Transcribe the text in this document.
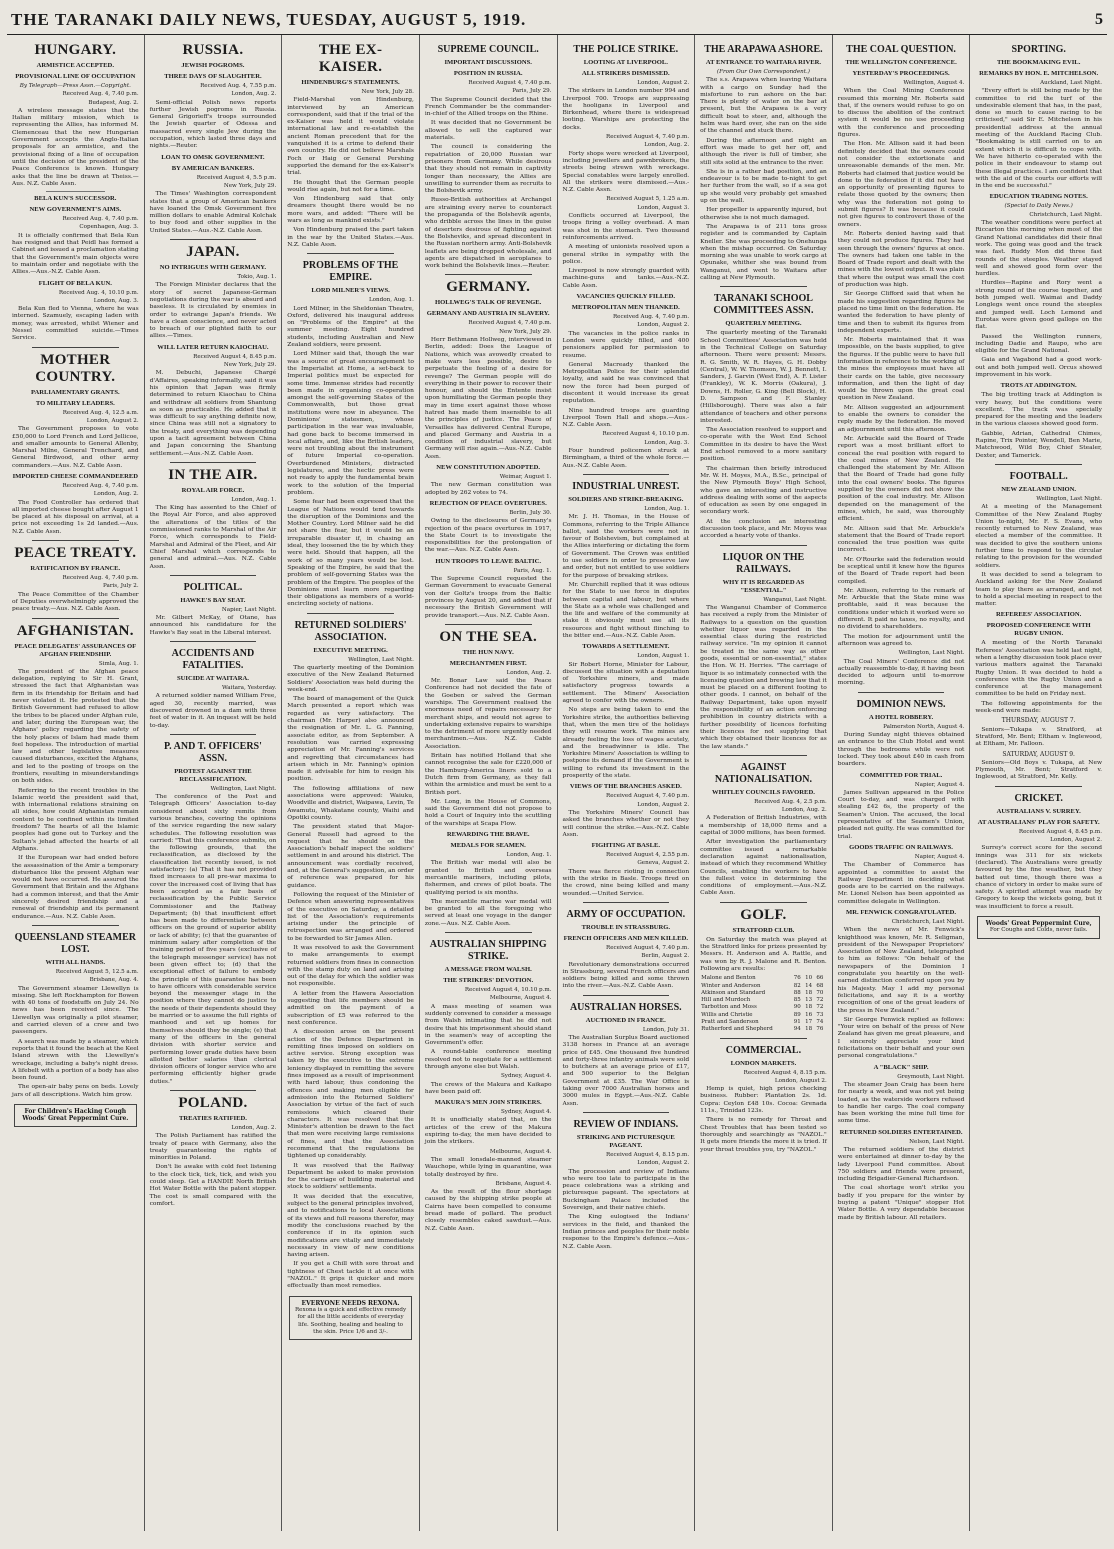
THE TARANAKI DAILY NEWS, TUESDAY, AUGUST 5, 1919.	5
HUNGARY.
ARMISTICE ACCEPTED.
PROVISIONAL LINE OF OCCUPATION
By Telegraph—Press Assn.—Copyright.
Received Aug. 4, 7.40 p.m.
Budapest, Aug. 2.

A wireless message states that the Italian military mission, which is representing the Allies, has informed M. Clemenceau that the new Hungarian Government accepts the Anglo-Italian proposals for an armistice, and the provisional fixing of a line of occupation until the decision of the president of the Peace Conference is known. Hungary asks that the line be drawn at Theiss.—Aus. N.Z. Cable Assn.

BELA KUN'S SUCCESSOR.
NEW GOVERNMENT'S AIMS.
Received Aug. 4, 7.40 p.m.
Copenhagen, Aug. 3.

It is officially confirmed that Bela Kun has resigned and that Peidl has formed a Cabinet and issued a proclamation stating that the Government's main objects were to maintain order and negotiate with the Allies.—Aus.-N.Z. Cable Assn.

FLIGHT OF BELA KUN.
Received Aug. 4, 10.10 p.m.
London, Aug. 3.

Bela Kun fled to Vienna, where he was interned. Szamuely, escaping laden with money, was arrested, whilst Wiener and Nessel committed suicide.—Times Service.

MOTHER COUNTRY.
PARLIAMENTARY GRANTS.
TO MILITARY LEADERS.
Received Aug. 4, 12.5 a.m.
London, August 2.

The Government proposes to vote £50,000 to Lord French and Lord Jellicoe, and smaller amounts to General Allenby, Marshal Milne, General Trenchard, and General Birdwood, and other army commanders.—Aus. N.Z. Cable Assn.

IMPORTED CHEESE COMMANDEERED
Received Aug. 4, 7.40 p.m.
London, Aug. 2.

The Food Controller has ordered that all imported cheese bought after August 1 be placed at his disposal on arrival, at a price not exceeding 1s 2d landed.—Aus. N.Z. Cable Assn.

PEACE TREATY.
RATIFICATION BY FRANCE.
Received Aug. 4, 7.40 p.m.
Paris, July 2.

The Peace Committee of the Chamber of Deputies overwhelmingly approved the peace treaty.—Aus. N.Z. Cable Assn.

AFGHANISTAN.
PEACE DELEGATES' ASSURANCES OF AFGHAN FRIENDSHIP.
Simla, Aug. 1.

The president of the Afghan peace delegation, replying to Sir H. Grant, stressed the fact that Afghanistan was firm in its friendship for Britain and had never violated it. He protested that the British Government had refused to allow the tribes to be placed under Afghan rule, and later, during the European war, the Afghans' policy regarding the safety of the holy places of Islam had made them feel hopeless. The introduction of martial law and other legislative measures caused disturbances, excited the Afghans, and led to the posting of troops on the frontiers, resulting in misunderstandings on both sides.

Referring to the recent troubles in the Islamic world the president said that, with international relations straining on all sides, how could Afghanistan remain content to be confined within its limited freedom? The hearts of all the Islamic peoples had gone out to Turkey and the Sultan's jehad affected the hearts of all Afghans.

If the European war had ended before the assassination of the Amir a temporary disturbance like the present Afghan war would not have occurred. He assured the Government that Britain and the Afghans had a common interest, and that the Amir sincerely desired friendship and a renewal of friendship and its permanent endurance.—Aus. N.Z. Cable Assn.

QUEENSLAND STEAMER LOST.
WITH ALL HANDS.
Received August 5, 12.5 a.m.
Brisbane, Aug. 4.

The Government steamer Llewellyn is missing. She left Rockhampton for Bowen with 40 tons of foodstuffs on July 24. No news has been received since. The Llewellyn was originally a pilot steamer, and carried eleven of a crew and two passengers.

A search was made by a steamer, which reports that it found the beach at the Keel Island strewn with the Llewellyn's wreckage, including a baby's night dress. A lifebelt with a portion of a body has also been found.

The open-air baby pens on beds. Lovely jars of all descriptions. Watch him grow.

For Children's Hacking Cough
Woods' Great Peppermint Cure.
RUSSIA.
JEWISH POGROMS.
THREE DAYS OF SLAUGHTER.
Received Aug. 4, 7.55 p.m.
London, Aug. 2.

Semi-official Polish news reports further Jewish pogroms in Russia. General Grigorieff's troops surrounded the Jewish quarter of Odessa and massacred every single Jew during the occupation, which lasted three days and nights.—Reuter.

LOAN TO OMSK GOVERNMENT.
BY AMERICAN BANKERS.
Received August 4, 5.5 p.m.
New York, July 29.

The Times' Washington correspondent states that a group of American bankers have loaned the Omsk Government five million dollars to enable Admiral Kolchak to buy food and other supplies in the United States.—Aus.-N.Z. Cable Assn.

JAPAN.
NO INTRIGUES WITH GERMANY.
Tokio, Aug. 1.

The Foreign Minister declares that the story of secret Japanese-German negotiations during the war is absurd and baseless. It is circulated by enemies in order to estrange Japan's friends. We have a clean conscience, and never acted to breach of our plighted faith to our allies.—Times.

WILL LATER RETURN KAIOCHAU.
Received August 4, 8.45 p.m.
New York, July 29.

M. Debuchi, Japanese Chargé d'Affaires, speaking informally, said it was his opinion that Japan was firmly determined to return Kiaochau to China and withdraw all soldiers from Shantung as soon as practicable. He added that it was difficult to say anything definite now, since China was still not a signatory to the treaty, and everything was depending upon a tacit agreement between China and Japan concerning the Shantung settlement.—Aus.-N.Z. Cable Assn.

IN THE AIR.
ROYAL AIR FORCE.
London, Aug. 1.

The King has assented to the Chief of the Royal Air Force, and also approved the alterations of the titles of the commissioned ranks to Marshal of the Air Force, which corresponds to Field-Marshal and Admiral of the Fleet, and Air Chief Marshal which corresponds to general and admiral.—Aus. N.Z. Cable Assn.

POLITICAL.
HAWKE'S BAY SEAT.
Napier, Last Night.

Mr. Gilbert McKay, of Otane, has announced his candidature for the Hawke's Bay seat in the Liberal interest.

ACCIDENTS AND FATALITIES.
SUICIDE AT WAITARA.
Waitara, Yesterday.

A returned soldier named William Free, aged 30, recently married, was discovered drowned in a dam with three feet of water in it. An inquest will be held to-day.

P. AND T. OFFICERS' ASSN.
PROTEST AGAINST THE RECLASSIFICATION.
Wellington, Last Night.

The conference of the Post and Telegraph Officers' Association to-day considered about sixty remits from various branches, covering the opinions of the service regarding the new salary schedules. The following resolution was carried: "That this conference submits, on the following grounds, that the reclassification, as disclosed by the classification list recently issued, is not satisfactory: (a) That it has not provided fixed increases to all pre-war maxima to cover the increased cost of living that has been accepted as a fair basis of reclassification by the Public Service Commissioner and the Railway Department; (b) that insufficient effort has been made to differentiate between officers on the ground of superior ability or lack of ability; (c) that the guarantee of minimum salary after completion of the training period of five years (exclusive of the telegraph messenger service) has not been given effect to; (d) that the exceptional effect of failure to embody the principle of this guarantee has been to have officers with considerable service beyond the messenger stage in the position where they cannot do justice to the needs of their dependents should they be married or to assume the full rights of manhood and set up homes for themselves should they be single; (e) that many of the officers in the general division with shorter service and performing lower grade duties have been allotted better salaries than clerical division officers of longer service who are performing efficiently higher grade duties."

POLAND.
TREATIES RATIFIED.
London, Aug. 2.

The Polish Parliament has ratified the treaty of peace with Germany, also the treaty guaranteeing the rights of minorities in Poland.

Don't lie awake with cold feet listening to the clock tick, tick, tick, and wish you could sleep. Get a HANDIE North British Hot Water Bottle with the patent stopper. The cost is small compared with the comfort.

THE EX-KAISER.
HINDENBURG'S STATEMENTS.
New York, July 28.

Field-Marshal von Hindenburg, interviewed by an American correspondent, said that if the trial of the ex-Kaiser was held it would violate international law and re-establish the ancient Roman precedent that for the vanquished it is a crime to defend their own country. He did not believe Marshals Foch or Haig or General Pershing supported the demand for the ex-Kaiser's trial.

He thought that the German people would rise again, but not for a time.

Von Hindenburg said that only dreamers thought there would be no more wars, and added: "There will be wars as long as mankind exists."

Von Hindenburg praised the part taken in the war by the United States.—Aus. N.Z. Cable Assn.

PROBLEMS OF THE EMPIRE.
LORD MILNER'S VIEWS.
London, Aug. 1.

Lord Milner, in the Sheldonian Theatre, Oxford, delivered his inaugural address on "Problems of the Empire" at the summer meeting. Eight hundred students, including Australian and New Zealand soldiers, were present.

Lord Milner said that, though the war was a source of great encouragement to the Imperialist at Home, a set-back to Imperial politics must be expected for some time. Immense strides had recently been made in organising co-operation amongst the self-governing States of the Commonwealth, but those great institutions were now in abeyance. The Dominions' statesmen, whose participation in the war was invaluable, had gone back to become immersed in local affairs, and, like the British leaders, were not troubling about the instrument of future Imperial co-operation. Overburdened Ministers, distracted legislatures, and the hectic press were not ready to apply the fundamental brain work to the solution of the Imperial problem.

Some fear had been expressed that the League of Nations would tend towards the disruption of the Dominions and the Mother Country. Lord Milner said he did not share the fear, but it would be an irreparable disaster if, in chasing an ideal, they loosened the tie by which they were held. Should that happen, all the work of so many years would be lost. Speaking of the Empire, he said that the problem of self-governing States was the problem of the Empire. The peoples of the Dominions must learn more regarding their obligations as members of a world-encircling society of nations.

RETURNED SOLDIERS' ASSOCIATION.
EXECUTIVE MEETING.
Wellington, Last Night.

The quarterly meeting of the Dominion executive of the New Zealand Returned Soldiers' Association was held during the week-end.

The board of management of the Quick March presented a report which was regarded as very satisfactory. The chairman (Mr. Harper) also announced the resignation of Mr. L. G. Fanning, associate editor, as from September. A resolution was carried expressing appreciation of Mr. Fanning's services and regretting that circumstances had arisen which in Mr. Fanning's opinion made it advisable for him to resign his position.

The following affiliations of new associations were approved: Waiuku, Woodville and district, Waipawa, Levin, Te Awamutu, Whakatane county, Waihi and Opotiki county.

The president stated that Major-General Russell had agreed to the request that he should on the Association's behalf inspect the soldiers' settlement in and around his district. The announcement was cordially received, and, at the General's suggestion, an order of reference was prepared for his guidance.

Following the request of the Minister of Defence when answering representatives of the executive on Saturday, a detailed list of the Association's requirements arising under the principle of retrospection was arranged and ordered to be forwarded to Sir James Allen.

It was resolved to ask the Government to make arrangements to exempt returned soldiers from fines in connection with the stamp duty on land and arising out of the delay for which the soldier was not responsible.

A letter from the Hawera Association suggesting that life members should be admitted on the payment of a subscription of £5 was referred to the next conference.

A discussion arose on the present action of the Defence Department in remitting fines imposed on soldiers on active service. Strong exception was taken by the executive to the extreme leniency displayed in remitting the severe fines imposed as a result of imprisonment with hard labour, thus condoning the offences and making men eligible for admission into the Returned Soldiers' Association by virtue of the fact of such remissions which cleared their characters. It was resolved that the Minister's attention be drawn to the fact that men were receiving large remissions of fines, and that the Association recommend that the regulations be tightened up considerably.

It was resolved that the Railway Department be asked to make provision for the carriage of building material and stock to soldiers' settlements.

It was decided that the executive, subject to the general principles involved, and to notifications to local Associations of its views and full reasons therefor, may modify the conclusions reached by the conference if in its opinion such modifications are vitally and immediately necessary in view of new conditions having arisen.

If you get a Chill with sore throat and tightness of Chest tackle it at once with "NAZOL." It grips it quicker and more effectually than most remedies.

EVERYONE NEEDS REXONA.
Rexona is a quick and effective remedy for all the little accidents of everyday life. Soothing, healing and healing to the skin. Price 1/6 and 3/-.
SUPREME COUNCIL.
IMPORTANT DISCUSSIONS.
POSITION IN RUSSIA.
Received August 4, 7.40 p.m.
Paris, July 29.

The Supreme Council decided that the French Commander be the commander-in-chief of the Allied troops on the Rhine.

It was decided that no Government be allowed to sell the captured war materials.

The council is considering the repatriation of 20,000 Russian war prisoners from Germany. While desirous that they should not remain in captivity longer than necessary, the Allies are unwilling to surrender them as recruits to the Bolshevik army.

Russo-British authorities at Archangel are straining every nerve to counteract the propaganda of the Bolshevik agents, who dribble across the lines in the guise of deserters desirous of fighting against the Bolsheviks, and spread discontent in the Russian northern army. Anti-Bolshevik leaflets are being dropped wholesale, and agents are dispatched in aeroplanes to work behind the Bolshevik lines.—Reuter.

GERMANY.
HOLLWEG'S TALK OF REVENGE.
GERMANY AND AUSTRIA IN SLAVERY.
Received August 4, 7.40 p.m.
New York, July 29.

Herr Bethmann Hollweg, interviewed in Berlin, added: Does the League of Nations, which was avowedly created to make wars less possible, desire to perpetuate the feeling of a desire for revenge? The German people will do everything in their power to recover their honour, and should the Entente insist upon humiliating the German people they may in time exert against those whose hatred has made them insensible to all the principles of justice. The Peace of Versailles has delivered Central Europe, and placed Germany and Austria in a condition of industrial slavery, but Germany will rise again.—Aus.-N.Z. Cable Assn.

NEW CONSTITUTION ADOPTED.
Weimar, August 1.

The new German constitution was adopted by 262 votes to 74.

REJECTION OF PEACE OVERTURES.
Berlin, July 30.

Owing to the disclosures of Germany's rejection of the peace overtures in 1917, the State Court is to investigate the responsibilities for the prolongation of the war.—Aus. N.Z. Cable Assn.

HUN TROOPS TO LEAVE BALTIC.
Paris, Aug. 1.

The Supreme Council requested the German Government to evacuate General von der Goltz's troops from the Baltic provinces by August 20, and added that if necessary the British Government will provide transport.—Aus. N.Z. Cable Assn.

ON THE SEA.
THE HUN NAVY.
MERCHANTMEN FIRST.
London, Aug. 2.

Mr. Bonar Law said the Peace Conference had not decided the fate of the Goeben or salved the German warships. The Government realised the enormous need of repairs necessary for merchant ships, and would not agree to undertaking extensive repairs to warships to the detriment of more urgently needed merchantmen.—Aus. N.Z. Cable Association.

Britain has notified Holland that she cannot recognise the sale for £220,000 of the Hamburg-America liners sold to a Dutch firm from Germany, as they fall within the armistice and must be sent to a British port.

Mr. Long, in the House of Commons, said the Government did not propose to hold a Court of Inquiry into the scuttling of the warships at Scapa Flow.

REWARDING THE BRAVE.
MEDALS FOR SEAMEN.
London, Aug. 1.

The British war medal will also be granted to British and overseas mercantile mariners, including pilots, fishermen, and crews of pilot boats. The qualifying period is six months.

The mercantile marine war medal will be granted to all the foregoing who served at least one voyage in the danger zone.—Aus. N.Z. Cable Assn.

AUSTRALIAN SHIPPING STRIKE.
A MESSAGE FROM WALSH.
THE STRIKERS' DEVOTION.
Received August 4, 10.10 p.m.
Melbourne, August 4.

A mass meeting of seamen was suddenly convened to consider a message from Walsh intimating that he did not desire that his imprisonment should stand in the seamen's way of accepting the Government's offer.

A round-table conference meeting resolved not to negotiate for a settlement through anyone else but Walsh.

Sydney, August 4.

The crews of the Makura and Kaikapo have been paid off.

MAKURA'S MEN JOIN STRIKERS.
Sydney, August 4.

It is unofficially stated that, on the articles of the crew of the Makura expiring to-day, the men have decided to join the strikers.

Melbourne, August 4.

The small lonsdale-manned steamer Wauchope, while lying in quarantine, was totally destroyed by fire.

Brisbane, August 4.

As the result of the flour shortage caused by the shipping strike people at Cairns have been compelled to consume bread made of pollard. The product closely resembles caked sawdust.—Aus. N.Z. Cable Assn.

THE POLICE STRIKE.
LOOTING AT LIVERPOOL.
ALL STRIKERS DISMISSED.
London, August 2.

The strikers in London number 994 and Liverpool 700. Troops are suppressing the hooligans in Liverpool and Birkenhead, where there is widespread looting. Warships are protecting the docks.

Received August 4, 7.40 p.m.
London, Aug. 2.

Forty shops were wrecked at Liverpool, including jewellers and pawnbrokers, the streets being strewn with wreckage. Special constables were largely enrolled. All the strikers were dismissed.—Aus.-N.Z. Cable Assn.

Received August 5, 1.25 a.m.
London, August 3.

Conflicts occurred at Liverpool, the troops firing a volley overhead. A man was shot in the stomach. Two thousand reinforcements arrived.

A meeting of unionists resolved upon a general strike in sympathy with the police.

Liverpool is now strongly guarded with machine-guns and tanks.—Aus.-N.Z. Cable Assn.

VACANCIES QUICKLY FILLED.
METROPOLITAN MEN THANKED.
Received Aug. 4, 7.40 p.m.
London, August 2.

The vacancies in the police ranks in London were quickly filled, and 400 pensioners applied for permission to resume.

General Macready thanked the Metropolitan Police for their splendid loyalty, and said he was convinced that now the force had been purged of discontent it would increase its great reputation.

Nine hundred troops are guarding Liverpool Town Hall and shops.—Aus.-N.Z. Cable Assn.

Received August 4, 10.10 p.m.
London, Aug. 3.

Four hundred policemen struck at Birmingham, a third of the whole force.—Aus.-N.Z. Cable Assn.

INDUSTRIAL UNREST.
SOLDIERS AND STRIKE-BREAKING.
London, Aug. 1.

Mr. J. H. Thomas, in the House of Commons, referring to the Triple Alliance ballot, said the workers were not in favour of Bolshevism, but complained at the Allies interfering or dictating the form of Government. The Crown was entitled to use soldiers in order to preserve law and order, but not entitled to use soldiers for the purpose of breaking strikes.

Mr. Churchill replied that it was odious for the State to use force in disputes between capital and labour, but where the State as a whole was challenged and the life and welfare of the community at stake it obviously must use all its resources and fight without flinching to the bitter end.—Aus.-N.Z. Cable Assn.

TOWARDS A SETTLEMENT.
London, August 1.

Sir Robert Horne, Minister for Labour, discussed the situation with a deputation of Yorkshire miners, and made satisfactory progress towards a settlement. The Miners' Association agreed to confer with the owners.

No steps are being taken to end the Yorkshire strike, the authorities believing that, when the men tire of the holidays they will resume work. The mines are already feeling the loss of wages acutely, and the breadwinner is idle. The Yorkshire Miners' Association is willing to postpone its demand if the Government is willing to refund its investment in the prosperity of the state.

VIEWS OF THE BRANCHES ASKED.
Received August 4, 7.40 p.m.
London, August 2.

The Yorkshire Miners' Council has asked the branches whether or not they will continue the strike.—Aus.-N.Z. Cable Assn.

FIGHTING AT BASLE.
Received August 4, 2.55 p.m.
Geneva, August 2.

There was fierce rioting in connection with the strike in Basle. Troops fired on the crowd, nine being killed and many wounded.—United Service.

ARMY OF OCCUPATION.
TROUBLE IN STRASSBURG.
FRENCH OFFICERS AND MEN KILLED.
Received August 4, 7.40 p.m.
Berlin, August 2.

Revolutionary demonstrations occurred in Strassburg, several French officers and soldiers being killed and some thrown into the river.—Aus.-N.Z. Cable Assn.

AUSTRALIAN HORSES.
AUCTIONED IN FRANCE.
London, July 31.

The Australian Surplus Board auctioned 3138 horses in France at an average price of £45. One thousand five hundred and forty-three infantry animals were sold to butchers at an average price of £17, and 500 superior to the Belgian Government at £35. The War Office is taking over 7000 Australian horses and 3000 mules in Egypt.—Aus.-N.Z. Cable Assn.

REVIEW OF INDIANS.
STRIKING AND PICTURESQUE PAGEANT.
Received August 4, 8.15 p.m.
London, August 2.

The procession and review of Indians who were too late to participate in the peace celebrations was a striking and picturesque pageant. The spectators at Buckingham Palace included the Sovereign, and their native chiefs.

The King eulogised the Indians' services in the field, and thanked the Indian princes and peoples for their noble response to the Empire's defence.—Aus.-N.Z. Cable Assn.

THE ARAPAWA ASHORE.
AT ENTRANCE TO WAITARA RIVER.
(From Our Own Correspondent.)

The s.s. Arapawa when leaving Waitara with a cargo on Sunday had the misfortune to run ashore on the bar. There is plenty of water on the bar at present, but the Arapawa is a very difficult boat to steer, and, although the helm was hard over, she ran on the side of the channel and stuck there.

During the afternoon and night an effort was made to get her off, and although the river is full of timber, she still sits solid at the entrance to the river.

She is in a rather bad position, and an endeavour is to be made to-night to get her further from the wall, so if a sea got up she would very probably get smashed up on the wall.

Her propeller is apparently injured, but otherwise she is not much damaged.

The Arapawa is of 211 tons gross register and is commanded by Captain Kneller. She was proceeding to Onehunga when the mishap occurred. On Saturday morning she was unable to work cargo at Opunake, whither she was bound from Wanganui, and went to Waitara after calling at New Plymouth.

TARANAKI SCHOOL COMMITTEES ASSN.
QUARTERLY MEETING.

The quarterly meeting of the Taranaki School Committees' Association was held in the Technical College on Saturday afternoon. There were present: Messrs. R. G. Smith, W. R. Hayes, G. H. Dobby (Central), W. W. Thomson, W. J. Bennett, I. Sanders, J. Garvin (West End), A. F. Lister (Frankley), W. K. Morris (Oakura), J. Downs, H. Roller, G. King (Bell Block), H. D. Sampson and F. Stanley (Hillsborough). There was also a fair attendance of teachers and other persons interested.

The Association resolved to support and co-operate with the West End School Committee in its desire to have the West End school removed to a more sanitary position.

The chairman then briefly introduced Mr. W. H. Moyes, M.A., B.Sc., principal of the New Plymouth Boys' High School, who gave an interesting and instructive address dealing with some of the aspects of education as seen by one engaged in secondary work.

At the conclusion an interesting discussion took place, and Mr. Moyes was accorded a hearty vote of thanks.

LIQUOR ON THE RAILWAYS.
WHY IT IS REGARDED AS "ESSENTIAL."
Wanganui, Last Night.

The Wanganui Chamber of Commerce has received a reply from the Minister of Railways to a question on the question whether liquor was regarded in the essential class during the restricted railway service. "In my opinion it cannot be treated in the same way as other goods, essential or non-essential," states the Hon. W. H. Herries. "The carriage of liquor is so intimately connected with the licensing question and brewing law that it must be placed on a different footing to other goods. I cannot, on behalf of the Railway Department, take upon myself the responsibility of an action enforcing prohibition in country districts with a further possibility of licences forfeiting their licences for not supplying that which they obtained their licences for as the law stands."

AGAINST NATIONALISATION.
WHITLEY COUNCILS FAVORED.
Received Aug. 4, 2.5 p.m.
London, Aug. 2.

A Federation of British Industries, with a membership of 18,000 firms and a capital of 3000 millions, has been formed.

After investigation the parliamentary committee issued a remarkable declaration against nationalisation, instead of which they recommend Whitley Councils, enabling the workers to have the fullest voice in determining the conditions of employment.—Aus.-N.Z. Cable Assn.

GOLF.
STRATFORD CLUB.

On Saturday the match was played at the Stratford links for prizes presented by Messrs. H. Anderson and A. Rattle, and was won by R. J. Malone and R. Benton. Following are results:

Malone and Benton	76	10	66
Winter and Anderson	82	14	68
Atkinson and Standard	88	18	70
Hill and Murdoch	85	13	72
Tarbotton and Moss	90	18	72
Willis and Christie	89	16	73
Pratt and Sanderson	91	17	74
Rutherford and Shepherd	94	18	76
COMMERCIAL.
LONDON MARKETS.
Received August 4, 8.15 p.m.
London, August 2.

Hemp is quiet, high prices checking business. Rubber: Plantation 2s. 1d. Copra: Ceylon £48 10s. Cocoa: Grenada 111s., Trinidad 123s.

There is no remedy for Throat and Chest Troubles that has been tested so thoroughly and searchingly as "NAZOL." It gets more friends the more it is tried. If your throat troubles you, try "NAZOL."

THE COAL QUESTION.
THE WELLINGTON CONFERENCE.
YESTERDAY'S PROCEEDINGS.
Wellington, August 4.

When the Coal Mining Conference resumed this morning Mr. Roberts said that, if the owners would refuse to go on to discuss the abolition of the contract system it would be no use proceeding with the conference and proceeding figures.

The Hon. Mr. Allison said it had been definitely decided that the owners could not consider the extortionate and unreasonable demands of the men. Mr. Roberts had claimed that justice would be done to the federation if it did not have an opportunity of presenting figures to relate those quoted by the owners; then why was the federation not going to submit figures? It was because it could not give figures to controvert those of the owners.

Mr. Roberts denied having said that they could not produce figures. They had seen through the owners' figures at once. The owners had taken one table in the Board of Trade report and dealt with the mines with the lowest output. It was plain that where the output was small the cost of production was high.

Sir George Clifford said that when he made his suggestion regarding figures he placed no time limit on the federation. He wanted the federation to have plenty of time and then to submit its figures from independent experts.

Mr. Roberts maintained that it was impossible, on the basis supplied, to give the figures. If the public were to have full information in reference to the working of the mines the employees must have all their cards on the table, give necessary information, and then the light of day would be thrown upon the great coal question in New Zealand.

Mr. Allison suggested an adjournment to enable the owners to consider the reply made by the federation. He moved an adjournment until this afternoon.

Mr. Arbuckle said the Board of Trade report was a most brilliant effort to conceal the real position with regard to the coal mines of New Zealand. He challenged the statement by Mr. Allison that the Board of Trade had gone fully into the coal owners' books. The figures supplied by the owners did not show the position of the coal industry. Mr. Allison depended on the management of the mines, which, he said, was thoroughly efficient.

Mr. Allison said that Mr. Arbuckle's statement that the Board of Trade report concealed the true position was quite incorrect.

Mr. O'Rourke said the federation would be sceptical until it knew how the figures of the Board of Trade report had been compiled.

Mr. Allison, referring to the remark of Mr. Arbuckle that the State mine was profitable, said it was because the conditions under which it worked were so different. It paid no taxes, no royalty, and no dividend to shareholders.

The motion for adjournment until the afternoon was agreed to.

Wellington, Last Night.

The Coal Miners' Conference did not actually reassemble to-day, it having been decided to adjourn until to-morrow morning.

DOMINION NEWS.
A HOTEL ROBBERY.
Palmerston North, August 4.

During Sunday night thieves obtained an entrance to the Club Hotel and went through the bedrooms while were not locked. They took about £40 in cash from boarders.

COMMITTED FOR TRIAL.
Napier, August 4.

James Sullivan appeared in the Police Court to-day, and was charged with stealing £42 6s, the property of the Seamen's Union. The accused, the local representative of the Seamen's Union, pleaded not guilty. He was committed for trial.

GOODS TRAFFIC ON RAILWAYS.
Napier, August 4.

The Chamber of Commerce has appointed a committee to assist the Railway Department in deciding what goods are to be carried on the railways. Mr. Lionel Nelson has been appointed as committee delegate in Wellington.

MR. FENWICK CONGRATULATED.
Christchurch, Last Night.

When the news of Mr. Fenwick's knighthood was known, Mr. R. Seligman, president of the Newspaper Proprietors' Association of New Zealand, telegraphed to him as follows: "On behalf of the newspapers of the Dominion I congratulate you heartily on the well-earned distinction conferred upon you by his Majesty. May I add my personal felicitations, and say it is a worthy recognition of one of the great leaders of the press in New Zealand."

Sir George Fenwick replied as follows: "Your wire on behalf of the press of New Zealand has given me great pleasure, and I sincerely appreciate your kind felicitations on their behalf and your own personal congratulations."

A "BLACK" SHIP.
Greymouth, Last Night.

The steamer Joan Craig has been here for nearly a week, and was not yet being loaded, as the waterside workers refused to handle her cargo. The coal company has been working the mine full time for some time.

RETURNED SOLDIERS ENTERTAINED.
Nelson, Last Night.

The returned soldiers of the district were entertained at dinner to-day by the lady Liverpool Fund committee. About 750 soldiers and friends were present, including Brigadier-General Richardson.

The coal shortage won't strike you badly if you prepare for the winter by buying a patent "Unique" stopper Hot Water Bottle. A very dependable because made by British labour. All retailers.

SPORTING.
THE BOOKMAKING EVIL.
REMARKS BY HON. E. MITCHELSON.
Auckland, Last Night.

"Every effort is still being made by the committee to rid the turf of the undesirable element that has, in the past, done so much to cause racing to be criticised," said Sir E. Mitchelson in his presidential address at the annual meeting of the Auckland Racing Club. "Bookmaking is still carried on to an extent which it is difficult to cope with. We have hitherto co-operated with the police in their endeavour to stamp out these illegal practices. I am confident that with the aid of the courts our efforts will in the end be successful."

EDUCATION TRADING NOTES.
(Special to Daily News.)
Christchurch, Last Night.

The weather conditions were perfect at Riccarton this morning when most of the Grand National candidates did their final work. The going was good and the track was fast. Ruddy Mon did three fast rounds of the steeples. Weather stayed well and showed good form over the hurdles.

Hurdles—Rapine and Rory went a strong round of the course together, and both jumped well. Waimai and Daddy Longlegs went once round the steeples and jumped well. Loch Lemond and Eurotas were given good gallops on the flat.

Passed the Wellington runners, including Dadie and Raupo, who are eligible for the Grand National.

Gaia and Vagabond had a good work-out and both jumped well. Orcus showed improvement in his work.

TROTS AT ADDINGTON.

The big trotting track at Addington is very heavy, but the conditions were excellent. The track was specially prepared for the meeting and the leaders in the various classes showed good form.

Gabbie, Adrian, Cathedral Chimes, Rapine, Trix Pointer, Wendell, Ben Marie, Matchwood, Wild Boy, Chief Stealer, Dexter, and Tamerick.

FOOTBALL.
NEW ZEALAND UNION.
Wellington, Last Night.

At a meeting of the Management Committee of the New Zealand Rugby Union to-night, Mr. F. S. Evans, who recently returned to New Zealand, was elected a member of the committee. It was decided to give the southern unions further time to respond to the circular relating to the provision for the wounded soldiers.

It was decided to send a telegram to Auckland asking for the New Zealand team to play there as arranged, and not to hold a special meeting in respect to the matter.

REFEREES' ASSOCIATION.
PROPOSED CONFERENCE WITH RUGBY UNION.

A meeting of the North Taranaki Referees' Association was held last night, when a lengthy discussion took place over various matters against the Taranaki Rugby Union. It was decided to hold a conference with the Rugby Union and a conference at the management committee to be held on Friday next.

The following appointments for the week-end were made:

THURSDAY, AUGUST 7.

Seniors—Tukapa v. Stratford, at Stratford, Mr. Bent; Eltham v. Inglewood, at Eltham, Mr. Falloon.

SATURDAY, AUGUST 9.

Seniors—Old Boys v. Tukapa, at New Plymouth, Mr. Bent; Stratford v. Inglewood, at Stratford, Mr. Kelly.

CRICKET.
AUSTRALIANS V. SURREY.
AT AUSTRALIANS' PLAY FOR SAFETY.
Received August 4, 8.45 p.m.
London, August 2.

Surrey's correct score for the second innings was 311 for six wickets (declared). The Australians were greatly favoured by the fine weather, but they batted out time, though there was a chance of victory in order to make sure of safety. A spirited attempt was made by Gregory to keep the wickets going, but it was insufficient to force a result.

Woods' Great Peppermint Cure,
For Coughs and Colds, never fails.
